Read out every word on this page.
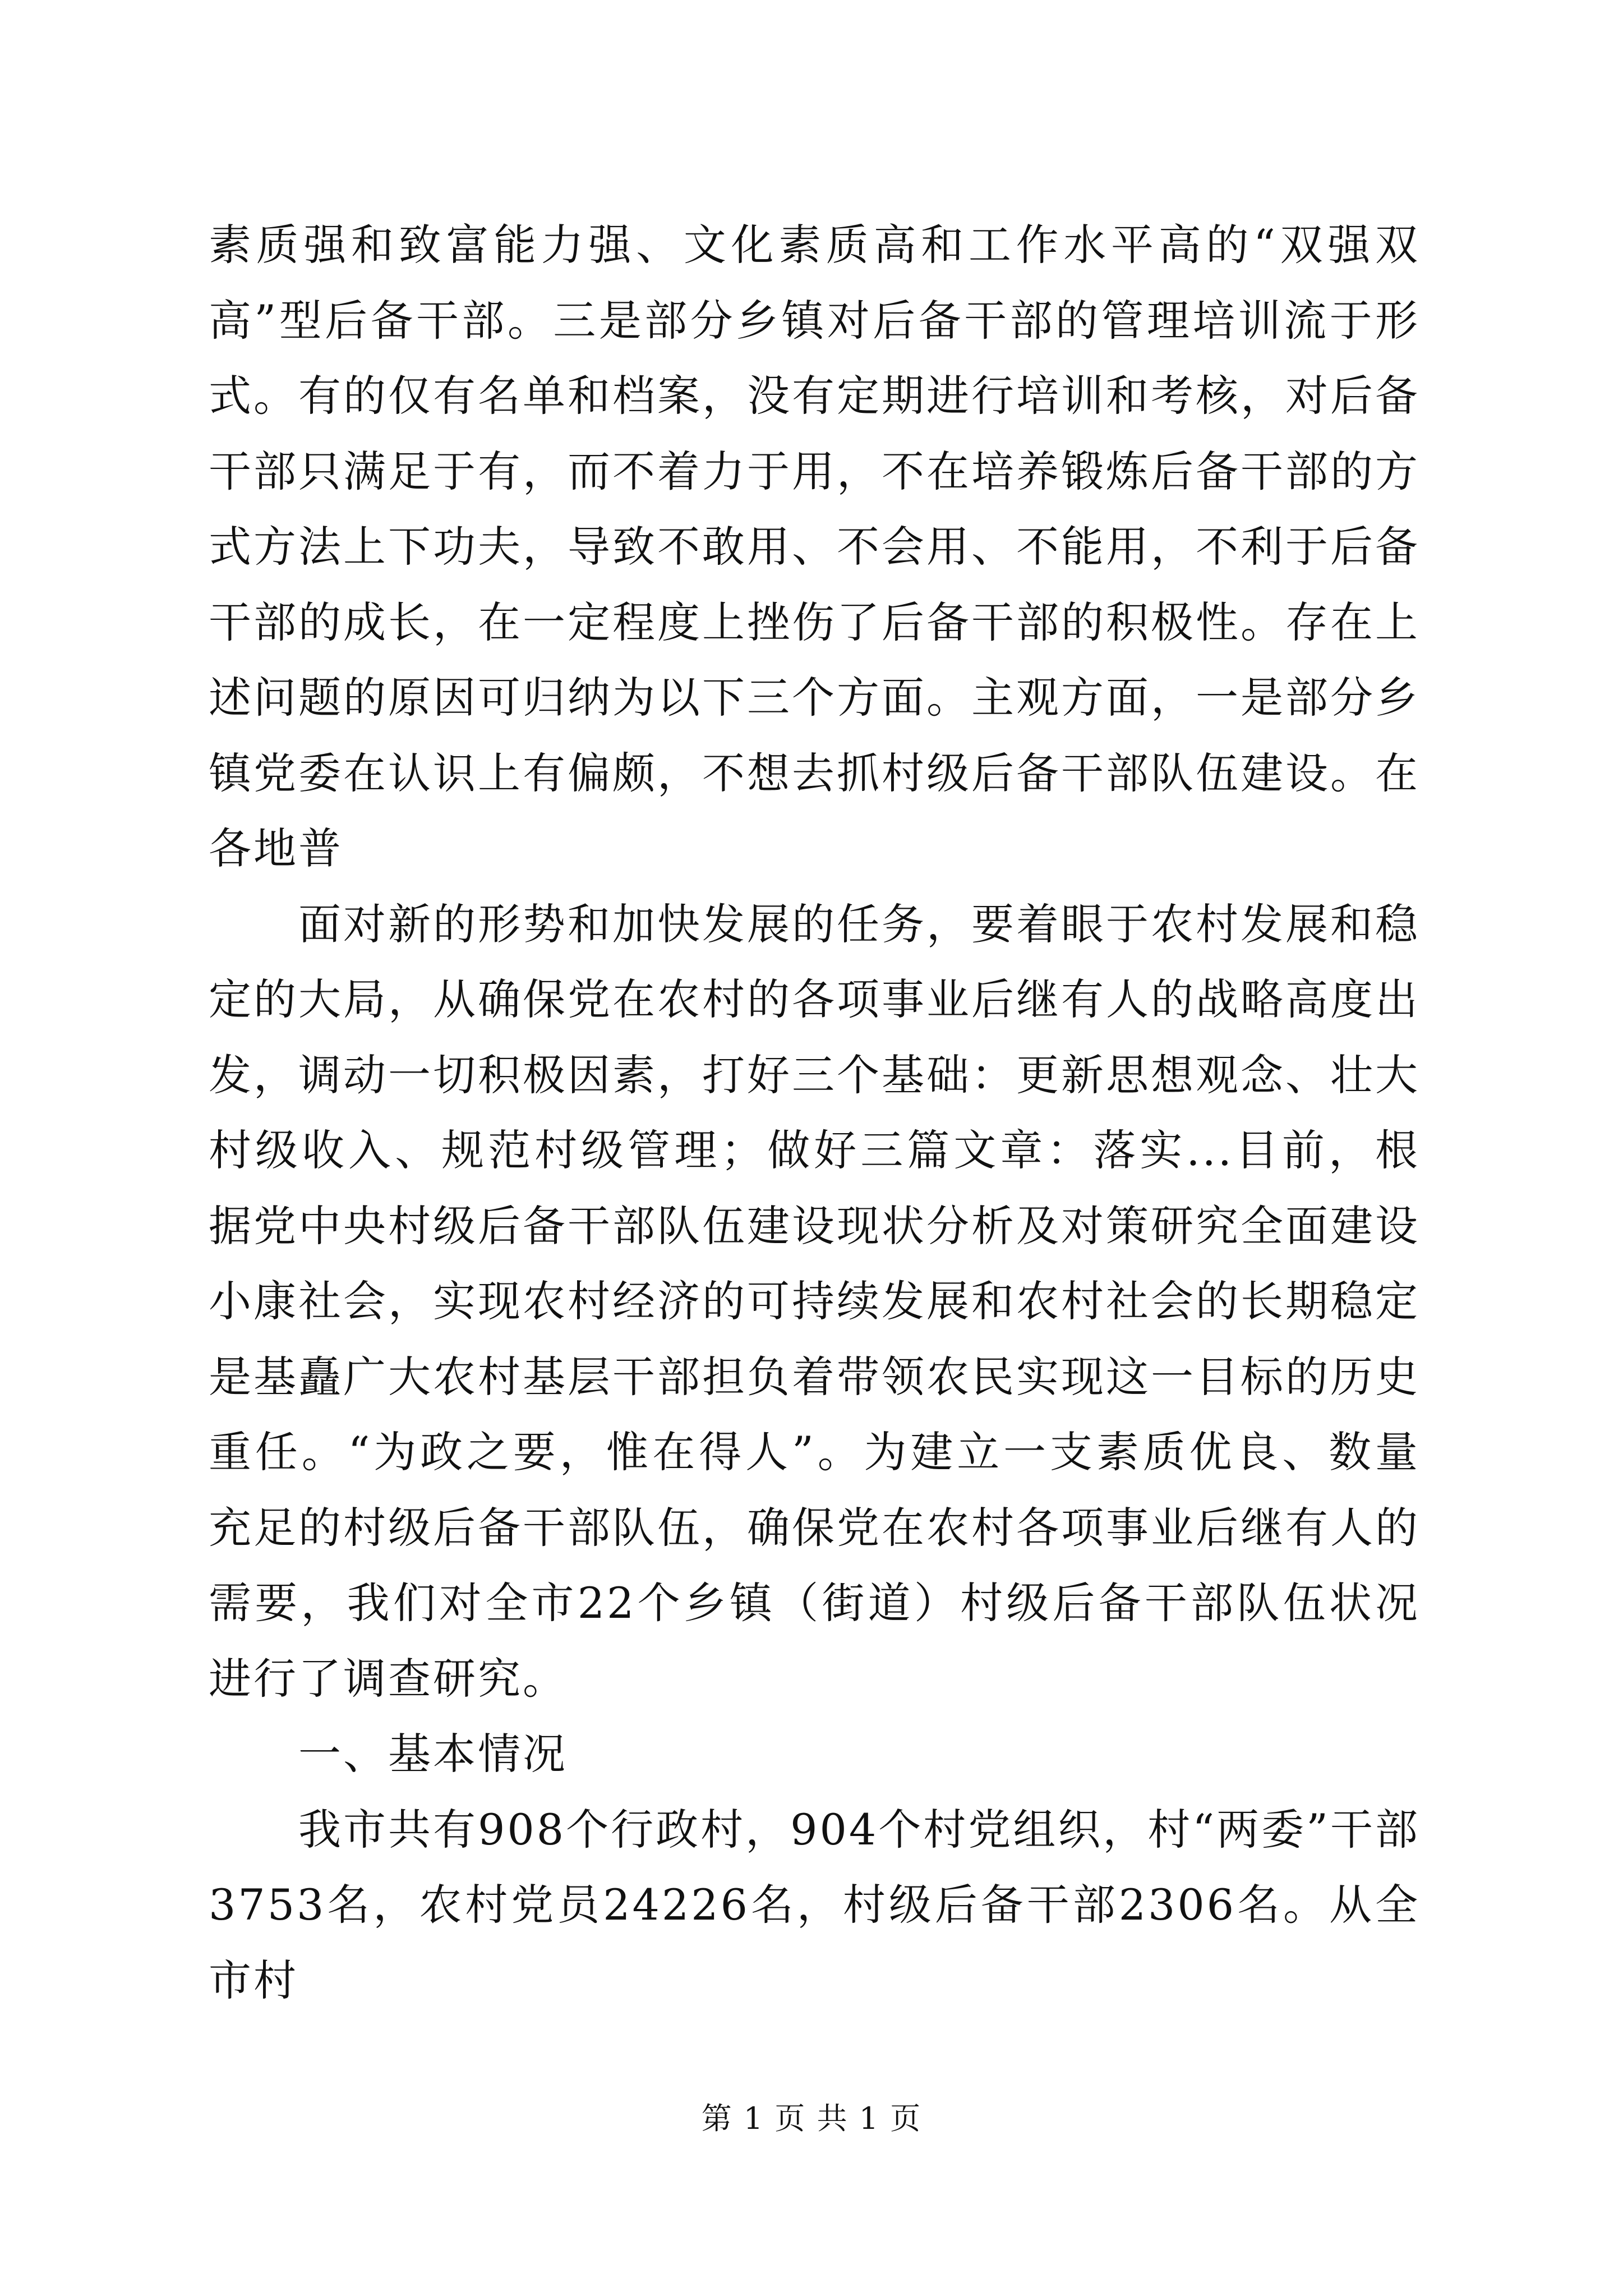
素质强和致富能力强、文化素质高和工作水平高的“双强双高”型后备干部。三是部分乡镇对后备干部的管理培训流于形式。有的仅有名单和档案，没有定期进行培训和考核，对后备干部只满足于有，而不着力于用，不在培养锻炼后备干部的方式方法上下功夫，导致不敢用、不会用、不能用，不利于后备干部的成长，在一定程度上挫伤了后备干部的积极性。存在上述问题的原因可归纳为以下三个方面。主观方面，一是部分乡镇党委在认识上有偏颇，不想去抓村级后备干部队伍建设。在各地普

面对新的形势和加快发展的任务，要着眼于农村发展和稳定的大局，从确保党在农村的各项事业后继有人的战略高度出发，调动一切积极因素，打好三个基础：更新思想观念、壮大村级收入、规范村级管理；做好三篇文章：落实...目前，根据党中央村级后备干部队伍建设现状分析及对策研究全面建设小康社会，实现农村经济的可持续发展和农村社会的长期稳定是基矗广大农村基层干部担负着带领农民实现这一目标的历史重任。“为政之要，惟在得人”。为建立一支素质优良、数量充足的村级后备干部队伍，确保党在农村各项事业后继有人的需要，我们对全市22个乡镇（街道）村级后备干部队伍状况进行了调查研究。

一、基本情况

我市共有908个行政村，904个村党组织，村“两委”干部3753名，农村党员24226名，村级后备干部2306名。从全市村

第 1 页 共 1 页
